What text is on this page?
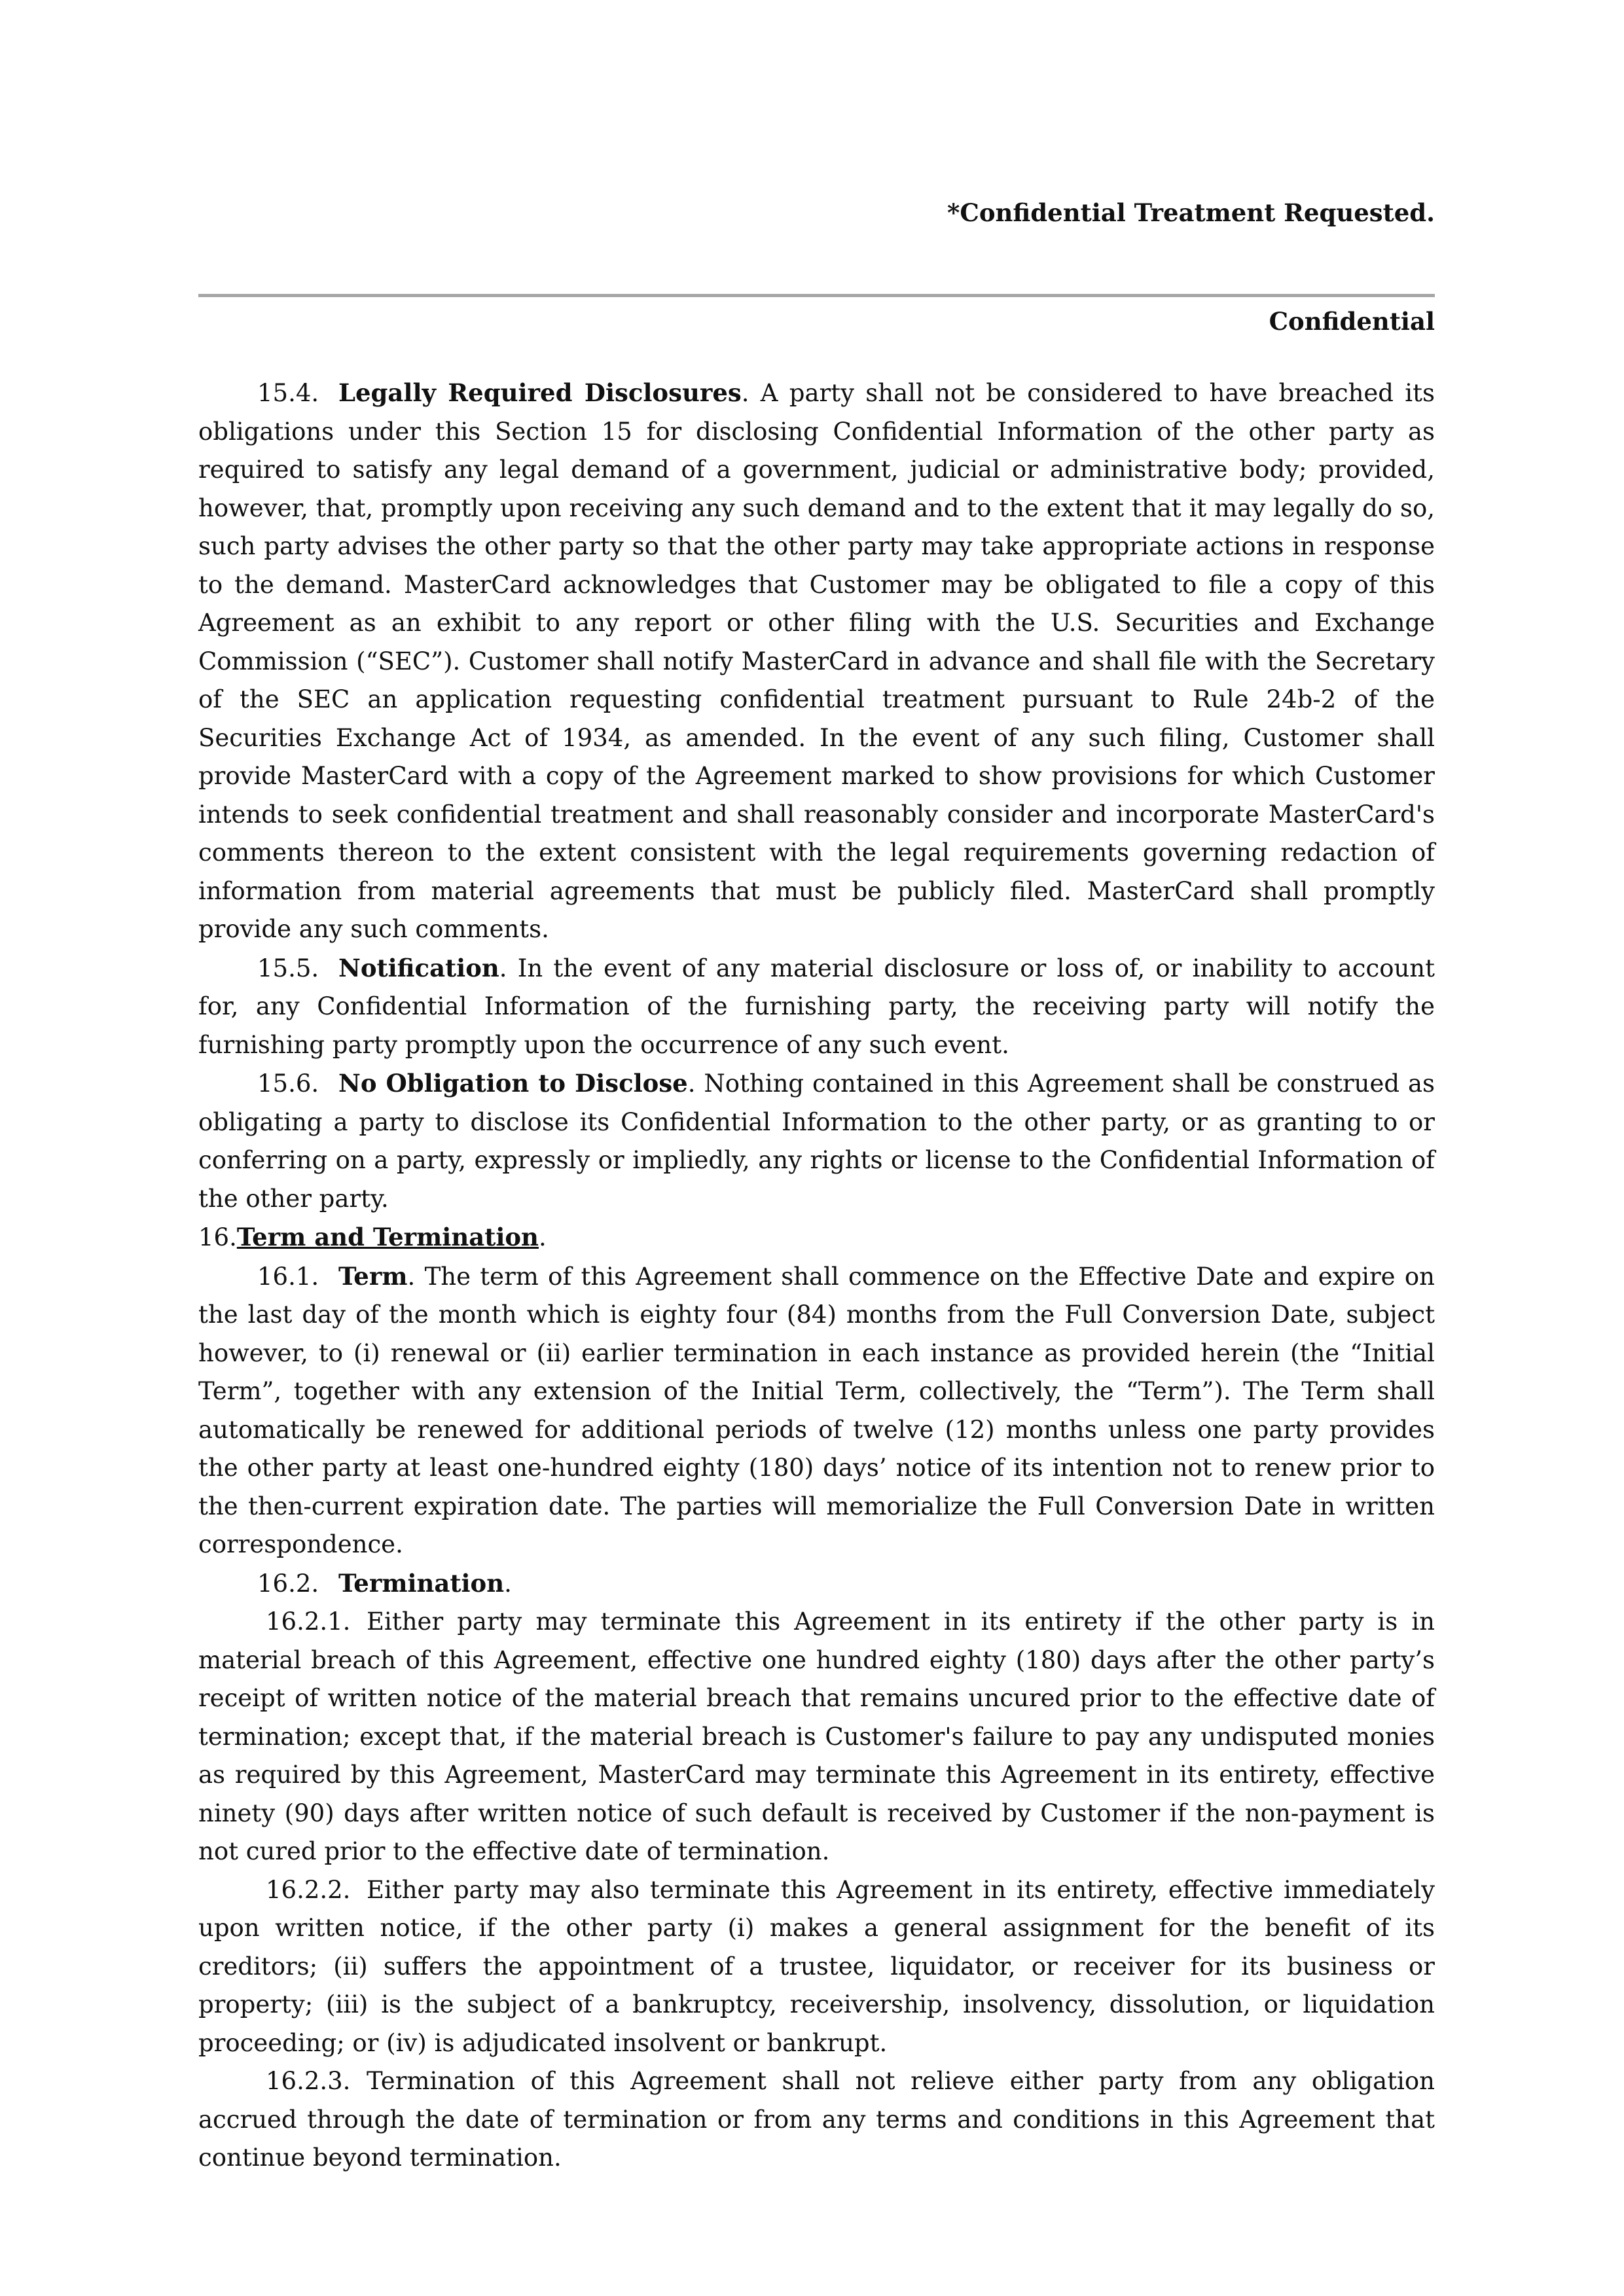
*Confidential Treatment Requested.
Confidential

15.4. Legally Required Disclosures. A party shall not be considered to have breached its obligations under this Section 15 for disclosing Confidential Information of the other party as required to satisfy any legal demand of a government, judicial or administrative body; provided, however, that, promptly upon receiving any such demand and to the extent that it may legally do so, such party advises the other party so that the other party may take appropriate actions in response to the demand. MasterCard acknowledges that Customer may be obligated to file a copy of this Agreement as an exhibit to any report or other filing with the U.S. Securities and Exchange Commission (“SEC”). Customer shall notify MasterCard in advance and shall file with the Secretary of the SEC an application requesting confidential treatment pursuant to Rule 24b-2 of the Securities Exchange Act of 1934, as amended. In the event of any such filing, Customer shall provide MasterCard with a copy of the Agreement marked to show provisions for which Customer intends to seek confidential treatment and shall reasonably consider and incorporate MasterCard's comments thereon to the extent consistent with the legal requirements governing redaction of information from material agreements that must be publicly filed. MasterCard shall promptly provide any such comments.

15.5. Notification. In the event of any material disclosure or loss of, or inability to account for, any Confidential Information of the furnishing party, the receiving party will notify the furnishing party promptly upon the occurrence of any such event.

15.6. No Obligation to Disclose. Nothing contained in this Agreement shall be construed as obligating a party to disclose its Confidential Information to the other party, or as granting to or conferring on a party, expressly or impliedly, any rights or license to the Confidential Information of the other party.

16.Term and Termination.

16.1. Term. The term of this Agreement shall commence on the Effective Date and expire on the last day of the month which is eighty four (84) months from the Full Conversion Date, subject however, to (i) renewal or (ii) earlier termination in each instance as provided herein (the “Initial Term”, together with any extension of the Initial Term, collectively, the “Term”). The Term shall automatically be renewed for additional periods of twelve (12) months unless one party provides the other party at least one-hundred eighty (180) days’ notice of its intention not to renew prior to the then-current expiration date. The parties will memorialize the Full Conversion Date in written correspondence.

16.2. Termination.

16.2.1. Either party may terminate this Agreement in its entirety if the other party is in material breach of this Agreement, effective one hundred eighty (180) days after the other party’s receipt of written notice of the material breach that remains uncured prior to the effective date of termination; except that, if the material breach is Customer's failure to pay any undisputed monies as required by this Agreement, MasterCard may terminate this Agreement in its entirety, effective ninety (90) days after written notice of such default is received by Customer if the non-payment is not cured prior to the effective date of termination.

16.2.2. Either party may also terminate this Agreement in its entirety, effective immediately upon written notice, if the other party (i) makes a general assignment for the benefit of its creditors; (ii) suffers the appointment of a trustee, liquidator, or receiver for its business or property; (iii) is the subject of a bankruptcy, receivership, insolvency, dissolution, or liquidation proceeding; or (iv) is adjudicated insolvent or bankrupt.

16.2.3. Termination of this Agreement shall not relieve either party from any obligation accrued through the date of termination or from any terms and conditions in this Agreement that continue beyond termination.
